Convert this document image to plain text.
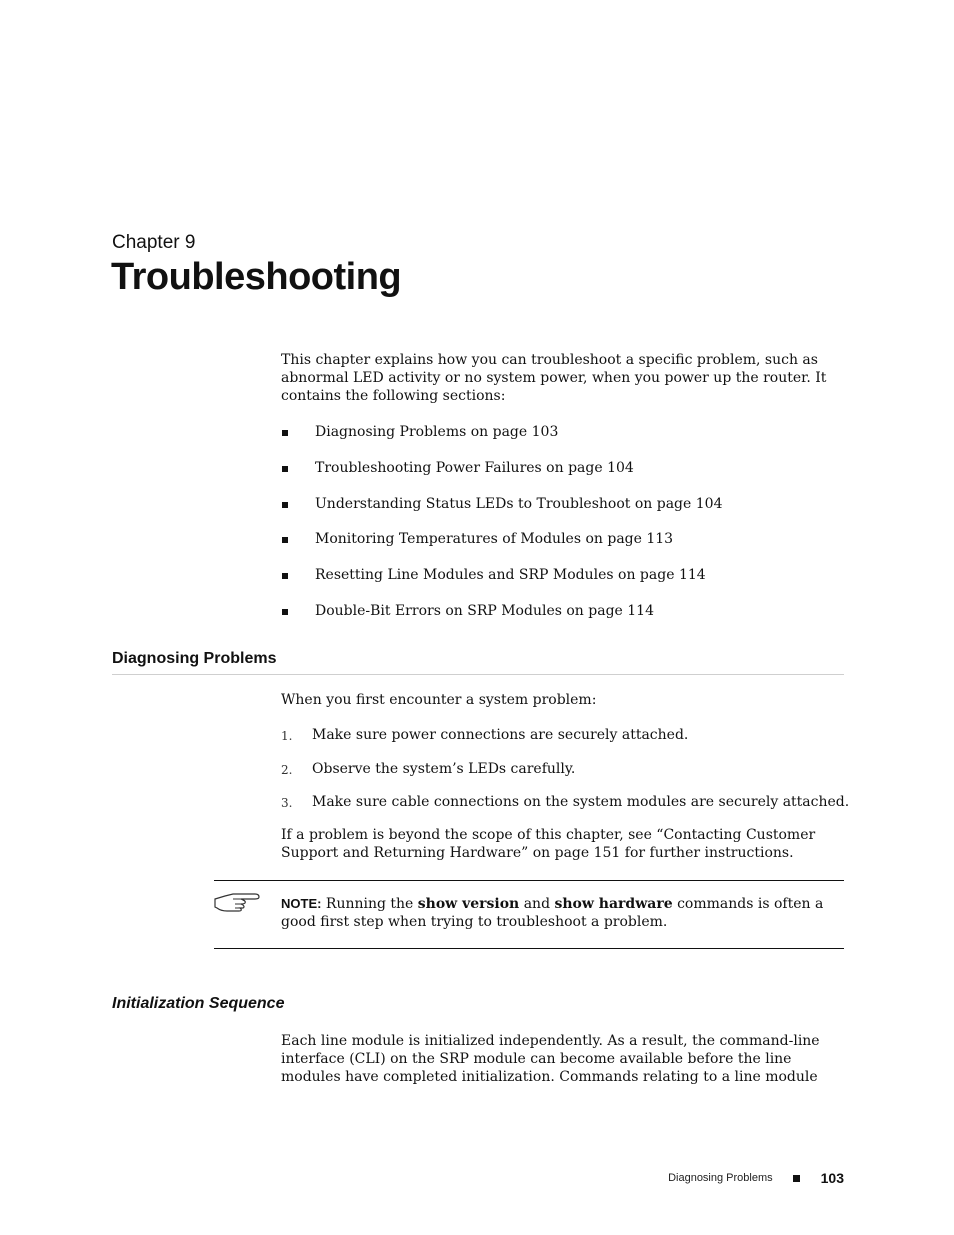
Chapter 9
Troubleshooting
This chapter explains how you can troubleshoot a specific problem, such as abnormal LED activity or no system power, when you power up the router. It contains the following sections:
Diagnosing Problems on page 103
Troubleshooting Power Failures on page 104
Understanding Status LEDs to Troubleshoot on page 104
Monitoring Temperatures of Modules on page 113
Resetting Line Modules and SRP Modules on page 114
Double-Bit Errors on SRP Modules on page 114
Diagnosing Problems
When you first encounter a system problem:
1. Make sure power connections are securely attached.
2. Observe the system’s LEDs carefully.
3. Make sure cable connections on the system modules are securely attached.
If a problem is beyond the scope of this chapter, see “Contacting Customer Support and Returning Hardware” on page 151 for further instructions.
NOTE: Running the show version and show hardware commands is often a good first step when trying to troubleshoot a problem.
Initialization Sequence
Each line module is initialized independently. As a result, the command-line interface (CLI) on the SRP module can become available before the line modules have completed initialization. Commands relating to a line module
Diagnosing Problems	103
